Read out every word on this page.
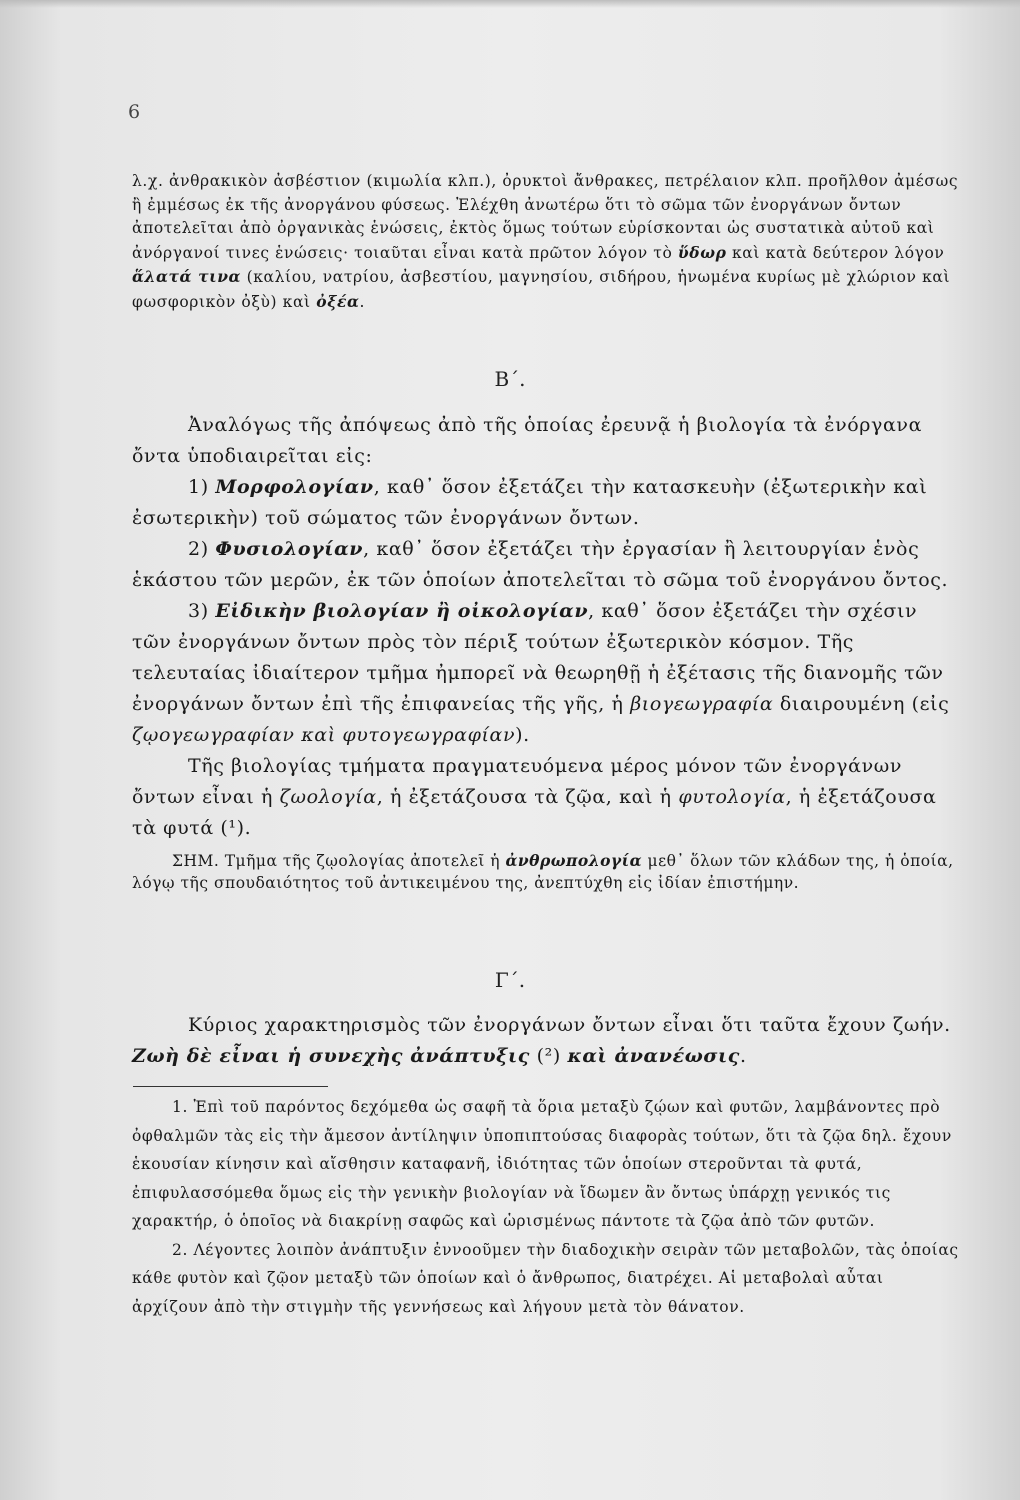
6

λ.χ. ἀνθρακικὸν ἀσβέστιον (κιμωλία κλπ.), ὀρυκτοὶ ἄνθρακες, πετρέλαιον κλπ. προῆλθον ἀμέσως ἢ ἐμμέσως ἐκ τῆς ἀνοργάνου φύσεως. Ἐλέχθη ἀνωτέρω ὅτι τὸ σῶμα τῶν ἐνοργάνων ὄντων ἀποτελεῖται ἀπὸ ὀργανικὰς ἑνώσεις, ἐκτὸς ὅμως τούτων εὑρίσκονται ὡς συστατικὰ αὐτοῦ καὶ ἀνόργανοί τινες ἑνώσεις· τοιαῦται εἶναι κατὰ πρῶτον λόγον τὸ ὕδωρ καὶ κατὰ δεύτερον λόγον ἅλατά τινα (καλίου, νατρίου, ἀσβεστίου, μαγνησίου, σιδήρου, ἡνωμένα κυρίως μὲ χλώριον καὶ φωσφορικὸν ὀξὺ) καὶ ὀξέα.

Β΄.

Ἀναλόγως τῆς ἀπόψεως ἀπὸ τῆς ὁποίας ἐρευνᾷ ἡ βιολογία τὰ ἐνόργανα ὄντα ὑποδιαιρεῖται εἰς:

1) Μορφολογίαν, καθ᾽ ὅσον ἐξετάζει τὴν κατασκευὴν (ἐξωτερικὴν καὶ ἐσωτερικὴν) τοῦ σώματος τῶν ἐνοργάνων ὄντων.

2) Φυσιολογίαν, καθ᾽ ὅσον ἐξετάζει τὴν ἐργασίαν ἢ λειτουργίαν ἑνὸς ἑκάστου τῶν μερῶν, ἐκ τῶν ὁποίων ἀποτελεῖται τὸ σῶμα τοῦ ἐνοργάνου ὄντος.

3) Εἰδικὴν βιολογίαν ἢ οἰκολογίαν, καθ᾽ ὅσον ἐξετάζει τὴν σχέσιν τῶν ἐνοργάνων ὄντων πρὸς τὸν πέριξ τούτων ἐξωτερικὸν κόσμον. Τῆς τελευταίας ἰδιαίτερον τμῆμα ἠμπορεῖ νὰ θεωρηθῇ ἡ ἐξέτασις τῆς διανομῆς τῶν ἐνοργάνων ὄντων ἐπὶ τῆς ἐπιφανείας τῆς γῆς, ἡ βιογεωγραφία διαιρουμένη (εἰς ζῳογεωγραφίαν καὶ φυτογεωγραφίαν).

Τῆς βιολογίας τμήματα πραγματευόμενα μέρος μόνον τῶν ἐνοργάνων ὄντων εἶναι ἡ ζωολογία, ἡ ἐξετάζουσα τὰ ζῷα, καὶ ἡ φυτολογία, ἡ ἐξετάζουσα τὰ φυτά (¹).

ΣΗΜ. Τμῆμα τῆς ζῳολογίας ἀποτελεῖ ἡ ἀνθρωπολογία μεθ᾽ ὅλων τῶν κλάδων της, ἡ ὁποία, λόγῳ τῆς σπουδαιότητος τοῦ ἀντικειμένου της, ἀνεπτύχθη εἰς ἰδίαν ἐπιστήμην.

Γ΄.

Κύριος χαρακτηρισμὸς τῶν ἐνοργάνων ὄντων εἶναι ὅτι ταῦτα ἔχουν ζωήν. Ζωὴ δὲ εἶναι ἡ συνεχὴς ἀνάπτυξις (²) καὶ ἀνανέωσις.

1. Ἐπὶ τοῦ παρόντος δεχόμεθα ὡς σαφῆ τὰ ὅρια μεταξὺ ζῴων καὶ φυτῶν, λαμβάνοντες πρὸ ὀφθαλμῶν τὰς εἰς τὴν ἄμεσον ἀντίληψιν ὑποπιπτούσας διαφορὰς τούτων, ὅτι τὰ ζῷα δηλ. ἔχουν ἑκουσίαν κίνησιν καὶ αἴσθησιν καταφανῆ, ἰδιότητας τῶν ὁποίων στεροῦνται τὰ φυτά, ἐπιφυλασσόμεθα ὅμως εἰς τὴν γενικὴν βιολογίαν νὰ ἴδωμεν ἂν ὄντως ὑπάρχῃ γενικός τις χαρακτήρ, ὁ ὁποῖος νὰ διακρίνῃ σαφῶς καὶ ὡρισμένως πάντοτε τὰ ζῷα ἀπὸ τῶν φυτῶν.

2. Λέγοντες λοιπὸν ἀνάπτυξιν ἐννοοῦμεν τὴν διαδοχικὴν σειρὰν τῶν μεταβολῶν, τὰς ὁποίας κάθε φυτὸν καὶ ζῷον μεταξὺ τῶν ὁποίων καὶ ὁ ἄνθρωπος, διατρέχει. Αἱ μεταβολαὶ αὗται ἀρχίζουν ἀπὸ τὴν στιγμὴν τῆς γεννήσεως καὶ λήγουν μετὰ τὸν θάνατον.
